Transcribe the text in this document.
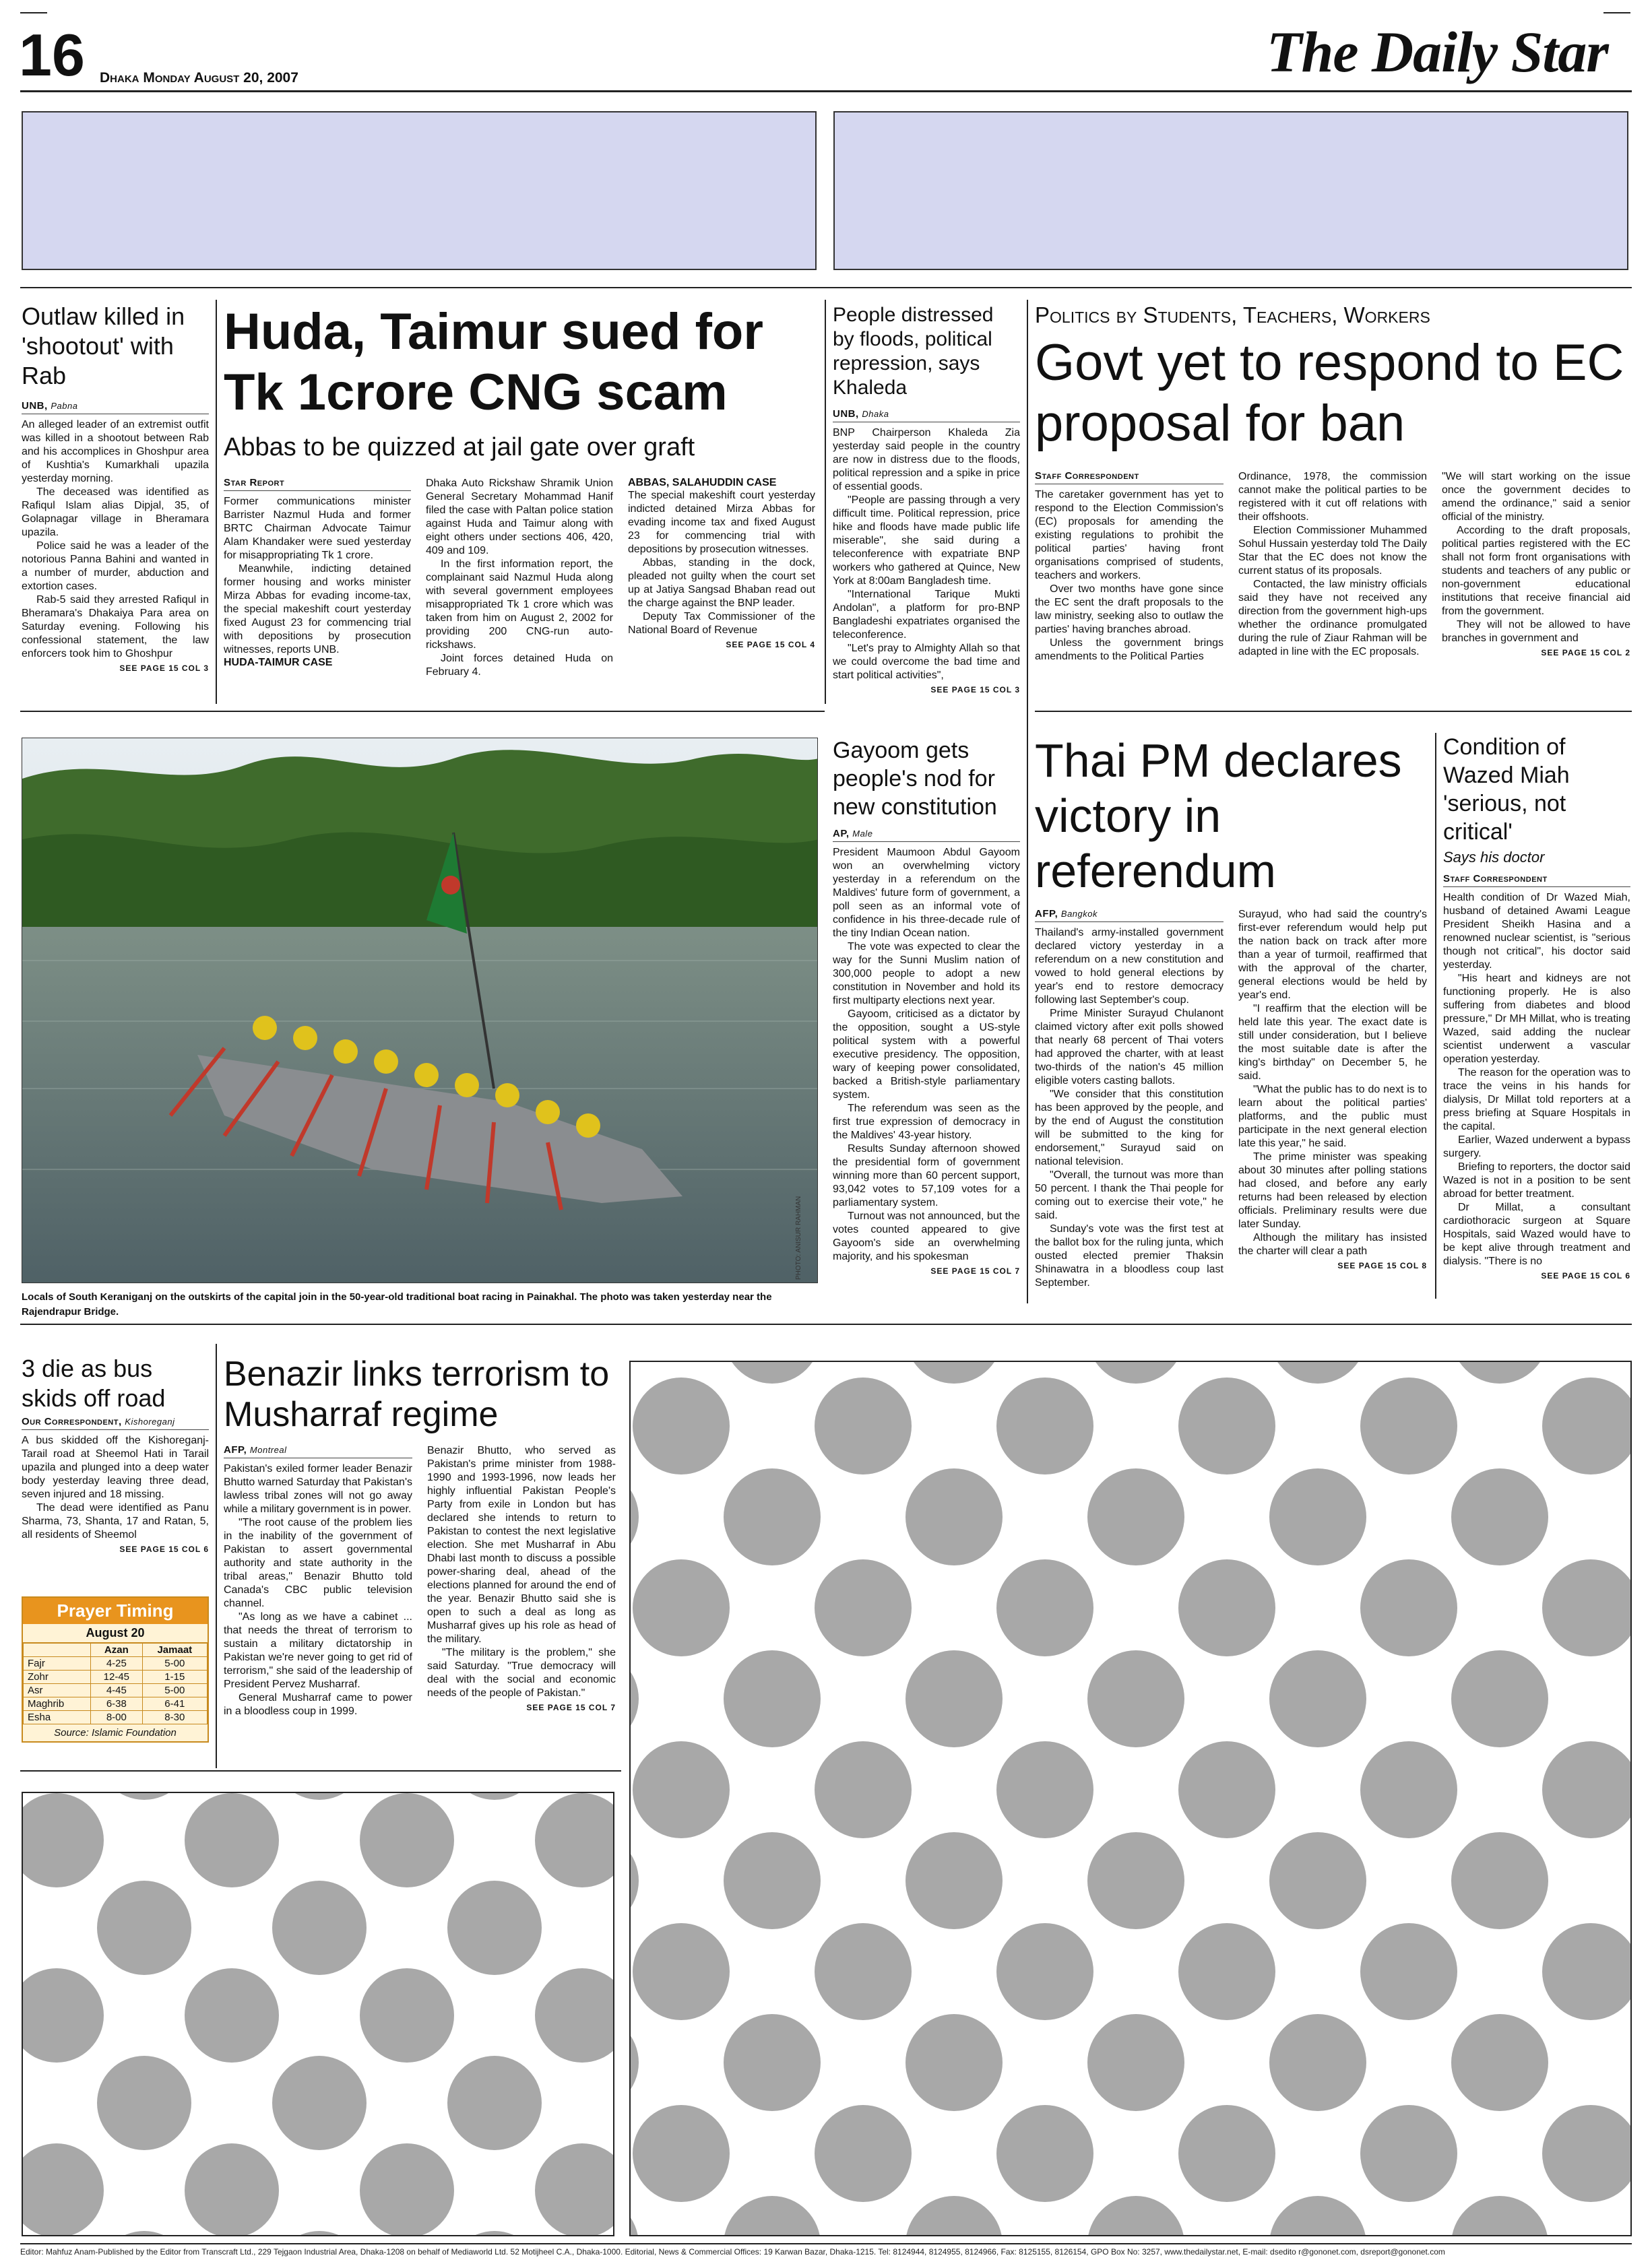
16 Dhaka Monday August 20, 2007	The Daily Star
Outlaw killed in 'shootout' with Rab
UNB, Pabna

An alleged leader of an extremist outfit was killed in a shootout between Rab and his accomplices in Ghoshpur area of Kushtia's Kumarkhali upazila yesterday morning.

The deceased was identified as Rafiqul Islam alias Dipjal, 35, of Golapnagar village in Bheramara upazila.

Police said he was a leader of the notorious Panna Bahini and wanted in a number of murder, abduction and extortion cases.

Rab-5 said they arrested Rafiqul in Bheramara's Dhakaiya Para area on Saturday evening. Following his confessional statement, the law enforcers took him to Ghoshpur

SEE PAGE 15 COL 3
Huda, Taimur sued for Tk 1crore CNG scam
Abbas to be quizzed at jail gate over graft
Star Report

Former communications minister Barrister Nazmul Huda and former BRTC Chairman Advocate Taimur Alam Khandaker were sued yesterday for misappropriating Tk 1 crore.

Meanwhile, indicting detained former housing and works minister Mirza Abbas for evading income-tax, the special makeshift court yesterday fixed August 23 for commencing trial with depositions by prosecution witnesses, reports UNB.

HUDA-TAIMUR CASE

Dhaka Auto Rickshaw Shramik Union General Secretary Mohammad Hanif filed the case with Paltan police station against Huda and Taimur along with eight others under sections 406, 420, 409 and 109.

In the first information report, the complainant said Nazmul Huda along with several government employees misappropriated Tk 1 crore which was taken from him on August 2, 2002 for providing 200 CNG-run auto-rickshaws.

Joint forces detained Huda on February 4.

ABBAS, SALAHUDDIN CASE

The special makeshift court yesterday indicted detained Mirza Abbas for evading income tax and fixed August 23 for commencing trial with depositions by prosecution witnesses.

Abbas, standing in the dock, pleaded not guilty when the court set up at Jatiya Sangsad Bhaban read out the charge against the BNP leader.

Deputy Tax Commissioner of the National Board of Revenue

SEE PAGE 15 COL 4
People distressed by floods, political repression, says Khaleda
UNB, Dhaka

BNP Chairperson Khaleda Zia yesterday said people in the country are now in distress due to the floods, political repression and a spike in price of essential goods.

"People are passing through a very difficult time. Political repression, price hike and floods have made public life miserable", she said during a teleconference with expatriate BNP workers who gathered at Quince, New York at 8:00am Bangladesh time.

"International Tarique Mukti Andolan", a platform for pro-BNP Bangladeshi expatriates organised the teleconference.

"Let's pray to Almighty Allah so that we could overcome the bad time and start political activities",

SEE PAGE 15 COL 3
Politics by Students, Teachers, Workers
Govt yet to respond to EC proposal for ban
Staff Correspondent

The caretaker government has yet to respond to the Election Commission's (EC) proposals for amending the existing regulations to prohibit the political parties' having front organisations comprised of students, teachers and workers.

Over two months have gone since the EC sent the draft proposals to the law ministry, seeking also to outlaw the parties' having branches abroad.

Unless the government brings amendments to the Political Parties

Ordinance, 1978, the commission cannot make the political parties to be registered with it cut off relations with their offshoots.

Election Commissioner Muhammed Sohul Hussain yesterday told The Daily Star that the EC does not know the current status of its proposals.

Contacted, the law ministry officials said they have not received any direction from the government high-ups whether the ordinance promulgated during the rule of Ziaur Rahman will be adapted in line with the EC proposals.

"We will start working on the issue once the government decides to amend the ordinance," said a senior official of the ministry.

According to the draft proposals, political parties registered with the EC shall not form front organisations with students and teachers of any public or non-government educational institutions that receive financial aid from the government.

They will not be allowed to have branches in government and

SEE PAGE 15 COL 2
PHOTO: ANISUR RAHMAN
Locals of South Keraniganj on the outskirts of the capital join in the 50-year-old traditional boat racing in Painakhal. The photo was taken yesterday near the Rajendrapur Bridge.
Gayoom gets people's nod for new constitution
AP, Male

President Maumoon Abdul Gayoom won an overwhelming victory yesterday in a referendum on the Maldives' future form of government, a poll seen as an informal vote of confidence in his three-decade rule of the tiny Indian Ocean nation.

The vote was expected to clear the way for the Sunni Muslim nation of 300,000 people to adopt a new constitution in November and hold its first multiparty elections next year.

Gayoom, criticised as a dictator by the opposition, sought a US-style political system with a powerful executive presidency. The opposition, wary of keeping power consolidated, backed a British-style parliamentary system.

The referendum was seen as the first true expression of democracy in the Maldives' 43-year history.

Results Sunday afternoon showed the presidential form of government winning more than 60 percent support, 93,042 votes to 57,109 votes for a parliamentary system.

Turnout was not announced, but the votes counted appeared to give Gayoom's side an overwhelming majority, and his spokesman

SEE PAGE 15 COL 7
Thai PM declares victory in referendum
AFP, Bangkok

Thailand's army-installed government declared victory yesterday in a referendum on a new constitution and vowed to hold general elections by year's end to restore democracy following last September's coup.

Prime Minister Surayud Chulanont claimed victory after exit polls showed that nearly 68 percent of Thai voters had approved the charter, with at least two-thirds of the nation's 45 million eligible voters casting ballots.

"We consider that this constitution has been approved by the people, and by the end of August the constitution will be submitted to the king for endorsement," Surayud said on national television.

"Overall, the turnout was more than 50 percent. I thank the Thai people for coming out to exercise their vote," he said.

Sunday's vote was the first test at the ballot box for the ruling junta, which ousted elected premier Thaksin Shinawatra in a bloodless coup last September.

Surayud, who had said the country's first-ever referendum would help put the nation back on track after more than a year of turmoil, reaffirmed that with the approval of the charter, general elections would be held by year's end.

"I reaffirm that the election will be held late this year. The exact date is still under consideration, but I believe the most suitable date is after the king's birthday" on December 5, he said.

"What the public has to do next is to learn about the political parties' platforms, and the public must participate in the next general election late this year," he said.

The prime minister was speaking about 30 minutes after polling stations had closed, and before any early returns had been released by election officials. Preliminary results were due later Sunday.

Although the military has insisted the charter will clear a path

SEE PAGE 15 COL 8
Condition of Wazed Miah 'serious, not critical'
Says his doctor
Staff Correspondent

Health condition of Dr Wazed Miah, husband of detained Awami League President Sheikh Hasina and a renowned nuclear scientist, is "serious though not critical", his doctor said yesterday.

"His heart and kidneys are not functioning properly. He is also suffering from diabetes and blood pressure," Dr MH Millat, who is treating Wazed, said adding the nuclear scientist underwent a vascular operation yesterday.

The reason for the operation was to trace the veins in his hands for dialysis, Dr Millat told reporters at a press briefing at Square Hospitals in the capital.

Earlier, Wazed underwent a bypass surgery.

Briefing to reporters, the doctor said Wazed is not in a position to be sent abroad for better treatment.

Dr Millat, a consultant cardiothoracic surgeon at Square Hospitals, said Wazed would have to be kept alive through treatment and dialysis. "There is no

SEE PAGE 15 COL 6
3 die as bus skids off road
Our Correspondent, Kishoreganj

A bus skidded off the Kishoreganj-Tarail road at Sheemol Hati in Tarail upazila and plunged into a deep water body yesterday leaving three dead, seven injured and 18 missing.

The dead were identified as Panu Sharma, 73, Shanta, 17 and Ratan, 5, all residents of Sheemol

SEE PAGE 15 COL 6
Prayer Timing
August 20
	Azan	Jamaat
Fajr	4-25	5-00
Zohr	12-45	1-15
Asr	4-45	5-00
Maghrib	6-38	6-41
Esha	8-00	8-30
Source: Islamic Foundation
Benazir links terrorism to Musharraf regime
AFP, Montreal

Pakistan's exiled former leader Benazir Bhutto warned Saturday that Pakistan's lawless tribal zones will not go away while a military government is in power.

"The root cause of the problem lies in the inability of the government of Pakistan to assert governmental authority and state authority in the tribal areas," Benazir Bhutto told Canada's CBC public television channel.

"As long as we have a cabinet ... that needs the threat of terrorism to sustain a military dictatorship in Pakistan we're never going to get rid of terrorism," she said of the leadership of President Pervez Musharraf.

General Musharraf came to power in a bloodless coup in 1999.

Benazir Bhutto, who served as Pakistan's prime minister from 1988-1990 and 1993-1996, now leads her highly influential Pakistan People's Party from exile in London but has declared she intends to return to Pakistan to contest the next legislative election. She met Musharraf in Abu Dhabi last month to discuss a possible power-sharing deal, ahead of the elections planned for around the end of the year. Benazir Bhutto said she is open to such a deal as long as Musharraf gives up his role as head of the military.

"The military is the problem," she said Saturday. "True democracy will deal with the social and economic needs of the people of Pakistan."

SEE PAGE 15 COL 7
Editor: Mahfuz Anam-Published by the Editor from Transcraft Ltd., 229 Tejgaon Industrial Area, Dhaka-1208 on behalf of Mediaworld Ltd. 52 Motijheel C.A., Dhaka-1000. Editorial, News & Commercial Offices: 19 Karwan Bazar, Dhaka-1215. Tel: 8124944, 8124955, 8124966, Fax: 8125155, 8126154, GPO Box No: 3257, www.thedailystar.net, E-mail: dsedito r@gononet.com, dsreport@gononet.com
